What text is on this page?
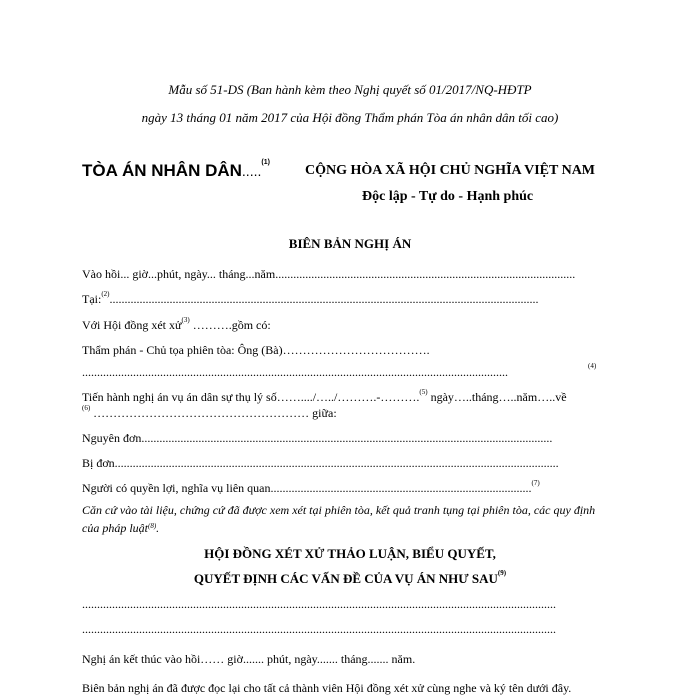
Mẫu số 51-DS (Ban hành kèm theo Nghị quyết số 01/2017/NQ-HĐTP
ngày 13 tháng 01 năm 2017 của Hội đồng Thẩm phán Tòa án nhân dân tối cao)
TÒA ÁN NHÂN DÂN.....$^{(1)}$
CỘNG HÒA XÃ HỘI CHỦ NGHĨA VIỆT NAM
Độc lập - Tự do - Hạnh phúc
BIÊN BẢN NGHỊ ÁN
Vào hồi... giờ...phút, ngày... tháng...năm....................................................................................................
Tại:$^{(2)}$...............................................................................................................................................
Với Hội đồng xét xử$^{(3)}$ ……….gồm có:
Thẩm phán - Chủ tọa phiên tòa: Ông (Bà)……………………………….
..............................................................................................................................................	(4)
Tiến hành nghị án vụ án dân sự thụ lý số……..../…../……….-……….$^{(5)}$ ngày…..tháng…..năm…..về
$^{(6)}$ ……………………………………………… giữa:
Nguyên đơn.........................................................................................................................................
Bị đơn....................................................................................................................................................
Người có quyền lợi, nghĩa vụ liên quan.......................................................................................$^{(7)}$
Căn cứ vào tài liệu, chứng cứ đã được xem xét tại phiên tòa, kết quả tranh tụng tại phiên tòa, các quy định của pháp luật$^{(8)}$.
HỘI ĐỒNG XÉT XỬ THẢO LUẬN, BIỂU QUYẾT,
QUYẾT ĐỊNH CÁC VẤN ĐỀ CỦA VỤ ÁN NHƯ SAU$^{(9)}$
..............................................................................................................................................................
..............................................................................................................................................................
Nghị án kết thúc vào hồi…… giờ....... phút, ngày....... tháng....... năm.
Biên bản nghị án đã được đọc lại cho tất cả thành viên Hội đồng xét xử cùng nghe và ký tên dưới đây.
